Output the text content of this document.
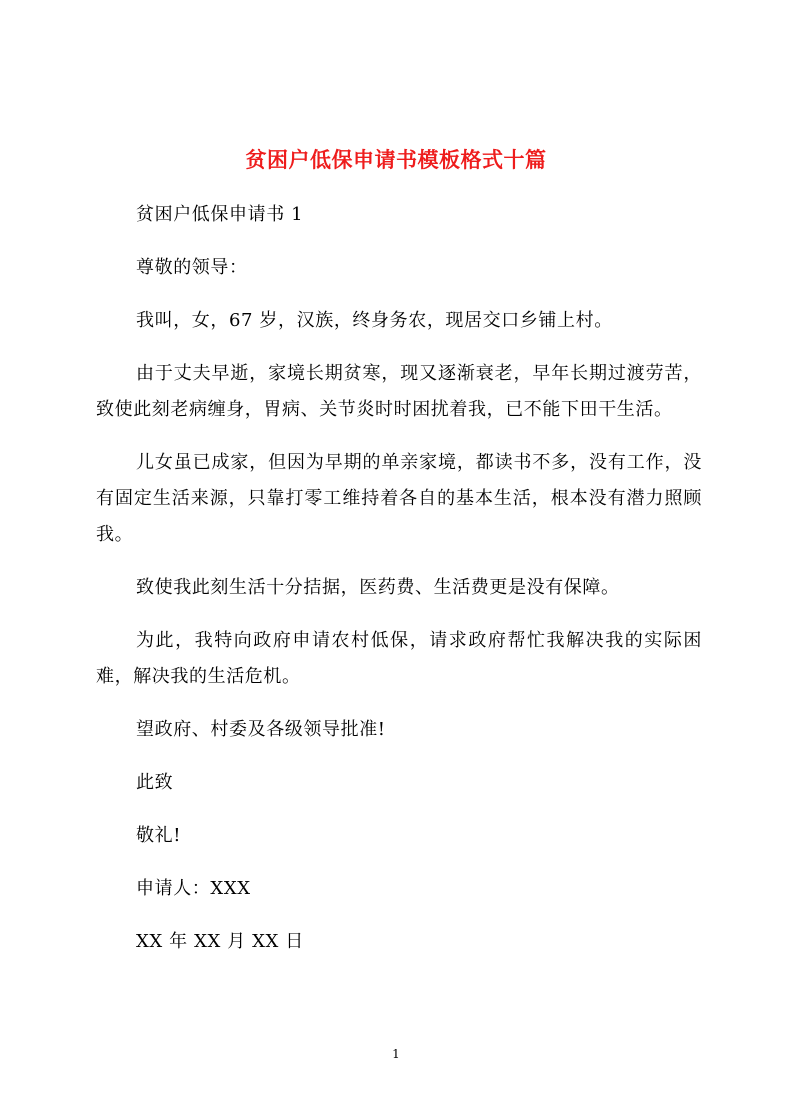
贫困户低保申请书模板格式十篇

贫困户低保申请书 1

尊敬的领导：

我叫，女，67 岁，汉族，终身务农，现居交口乡铺上村。

由于丈夫早逝，家境长期贫寒，现又逐渐衰老，早年长期过渡劳苦，致使此刻老病缠身，胃病、关节炎时时困扰着我，已不能下田干生活。

儿女虽已成家，但因为早期的单亲家境，都读书不多，没有工作，没有固定生活来源，只靠打零工维持着各自的基本生活，根本没有潜力照顾我。

致使我此刻生活十分拮据，医药费、生活费更是没有保障。

为此，我特向政府申请农村低保，请求政府帮忙我解决我的实际困难，解决我的生活危机。

望政府、村委及各级领导批准!

此致

敬礼!

申请人：XXX

XX 年 XX 月 XX 日

1
